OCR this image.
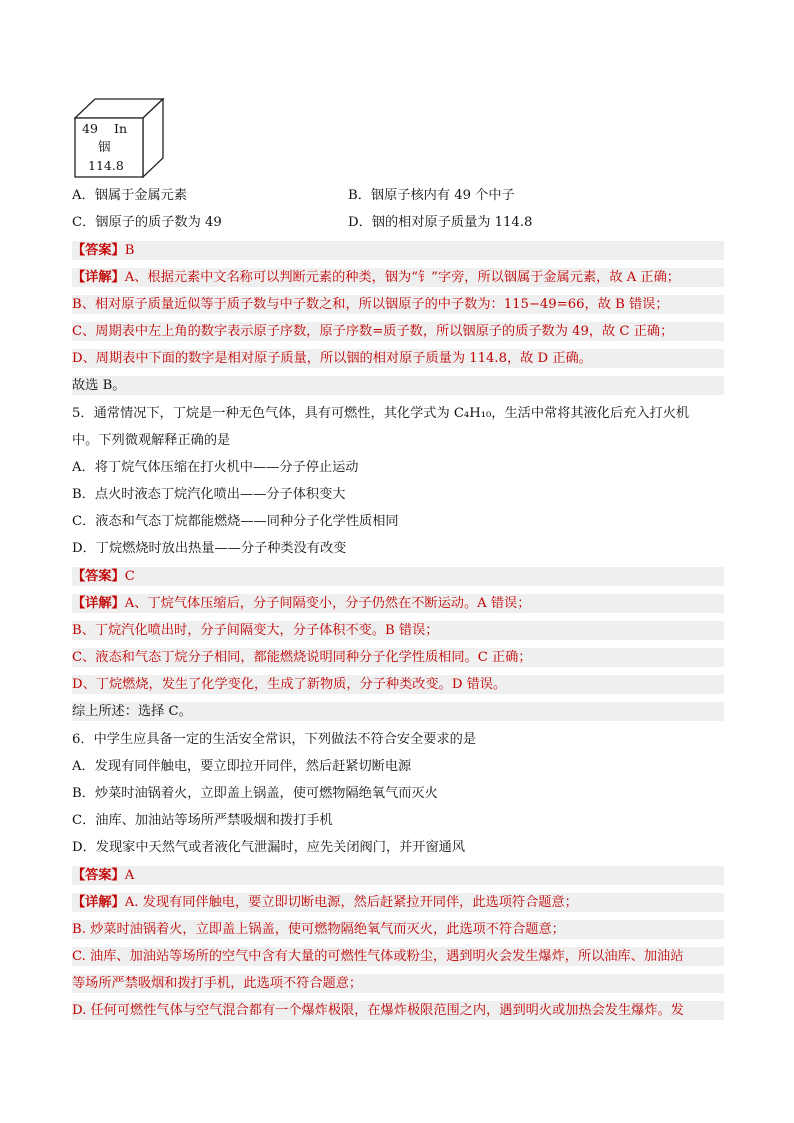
49 In
铟
114.8
A．铟属于金属元素	B．铟原子核内有 49 个中子
C．铟原子的质子数为 49	D．铟的相对原子质量为 114.8
【答案】B
【详解】A、根据元素中文名称可以判断元素的种类，铟为“钅”字旁，所以铟属于金属元素，故 A 正确；
B、相对原子质量近似等于质子数与中子数之和，所以铟原子的中子数为：115−49=66，故 B 错误；
C、周期表中左上角的数字表示原子序数，原子序数=质子数，所以铟原子的质子数为 49，故 C 正确；
D、周期表中下面的数字是相对原子质量，所以铟的相对原子质量为 114.8，故 D 正确。
故选 B。
5．通常情况下，丁烷是一种无色气体，具有可燃性，其化学式为 C₄H₁₀，生活中常将其液化后充入打火机
中。下列微观解释正确的是
A．将丁烷气体压缩在打火机中——分子停止运动
B．点火时液态丁烷汽化喷出——分子体积变大
C．液态和气态丁烷都能燃烧——同种分子化学性质相同
D．丁烷燃烧时放出热量——分子种类没有改变
【答案】C
【详解】A、丁烷气体压缩后，分子间隔变小，分子仍然在不断运动。A 错误；
B、丁烷汽化喷出时，分子间隔变大，分子体积不变。B 错误；
C、液态和气态丁烷分子相同，都能燃烧说明同种分子化学性质相同。C 正确；
D、丁烷燃烧，发生了化学变化，生成了新物质，分子种类改变。D 错误。
综上所述：选择 C。
6．中学生应具备一定的生活安全常识，下列做法不符合安全要求的是
A．发现有同伴触电，要立即拉开同伴，然后赶紧切断电源
B．炒菜时油锅着火，立即盖上锅盖，使可燃物隔绝氧气而灭火
C．油库、加油站等场所严禁吸烟和拨打手机
D．发现家中天然气或者液化气泄漏时，应先关闭阀门，并开窗通风
【答案】A
【详解】A. 发现有同伴触电，要立即切断电源，然后赶紧拉开同伴，此选项符合题意；
B. 炒菜时油锅着火，立即盖上锅盖，使可燃物隔绝氧气而灭火，此选项不符合题意；
C. 油库、加油站等场所的空气中含有大量的可燃性气体或粉尘，遇到明火会发生爆炸，所以油库、加油站
等场所严禁吸烟和拨打手机，此选项不符合题意；
D. 任何可燃性气体与空气混合都有一个爆炸极限，在爆炸极限范围之内，遇到明火或加热会发生爆炸。发
